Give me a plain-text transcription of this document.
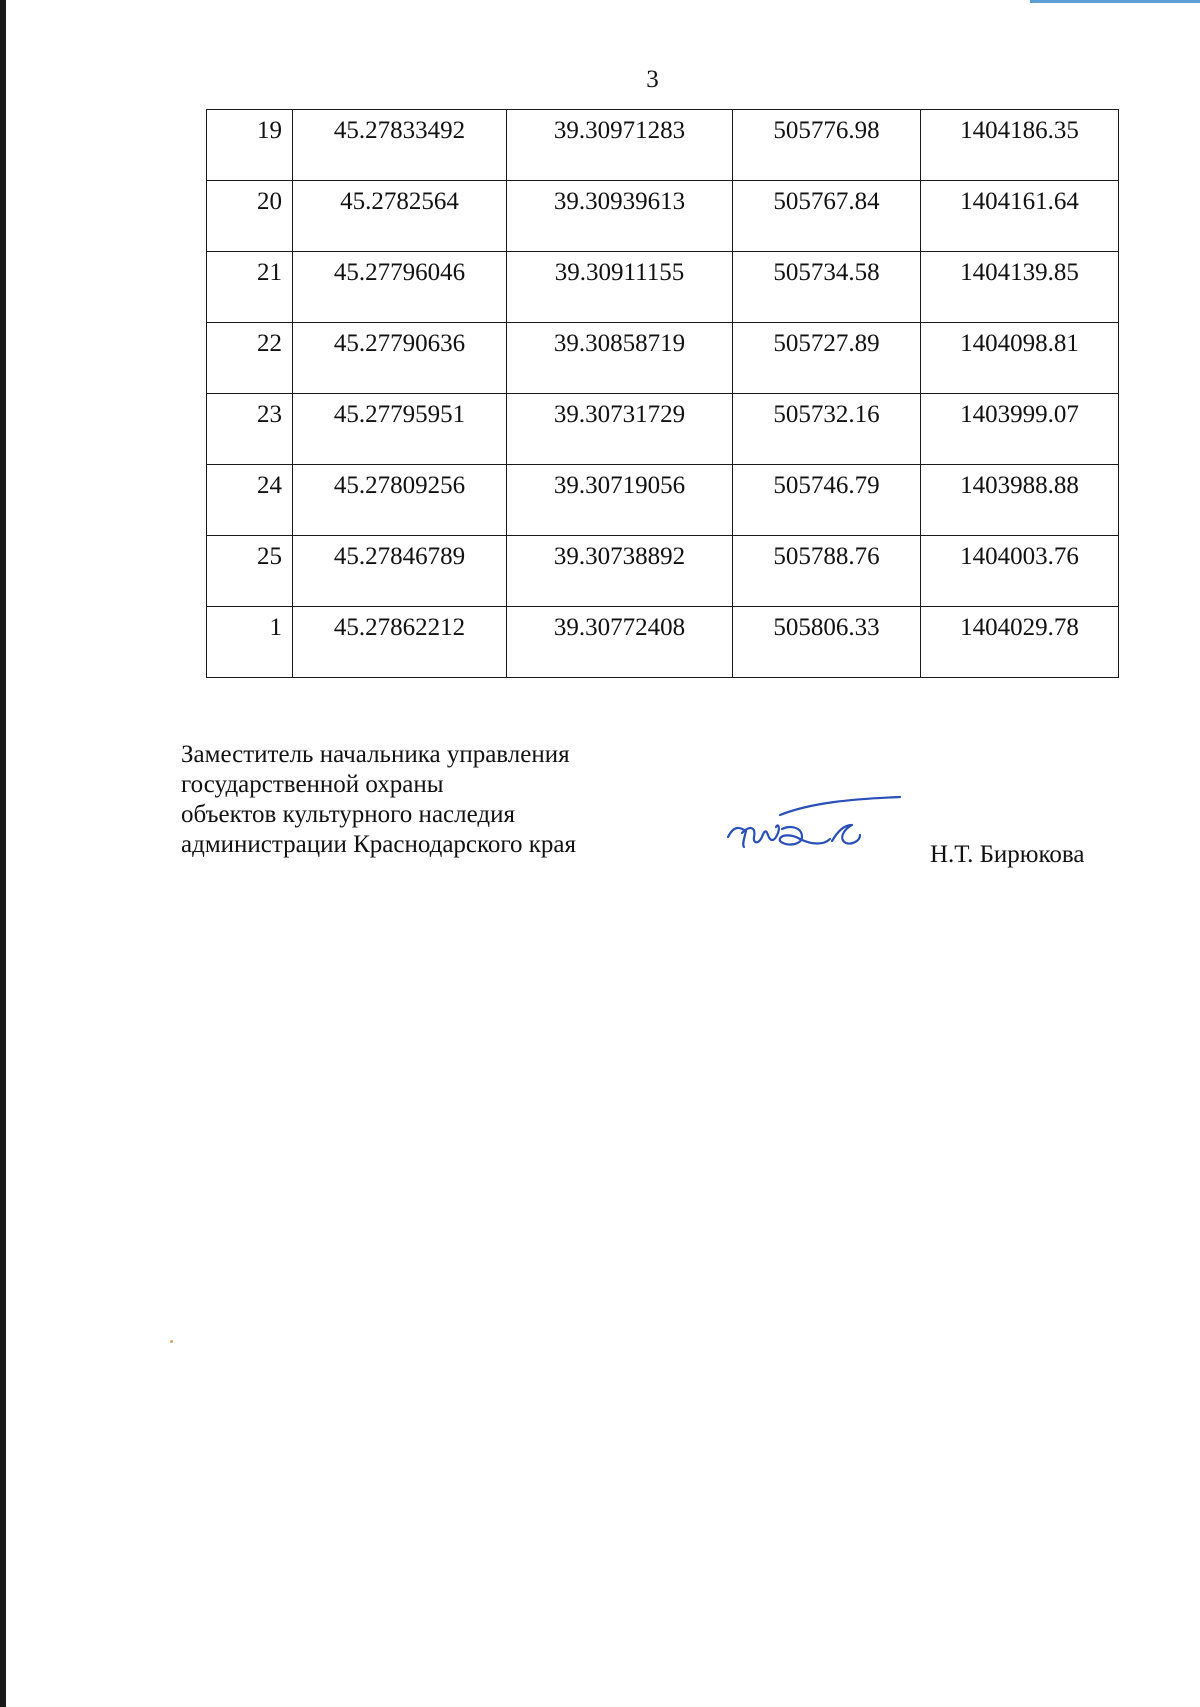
3
19	45.27833492	39.30971283	505776.98	1404186.35
20	45.2782564	39.30939613	505767.84	1404161.64
21	45.27796046	39.30911155	505734.58	1404139.85
22	45.27790636	39.30858719	505727.89	1404098.81
23	45.27795951	39.30731729	505732.16	1403999.07
24	45.27809256	39.30719056	505746.79	1403988.88
25	45.27846789	39.30738892	505788.76	1404003.76
1	45.27862212	39.30772408	505806.33	1404029.78
Заместитель начальника управления
государственной охраны
объектов культурного наследия
администрации Краснодарского края	Н.Т. Бирюкова
